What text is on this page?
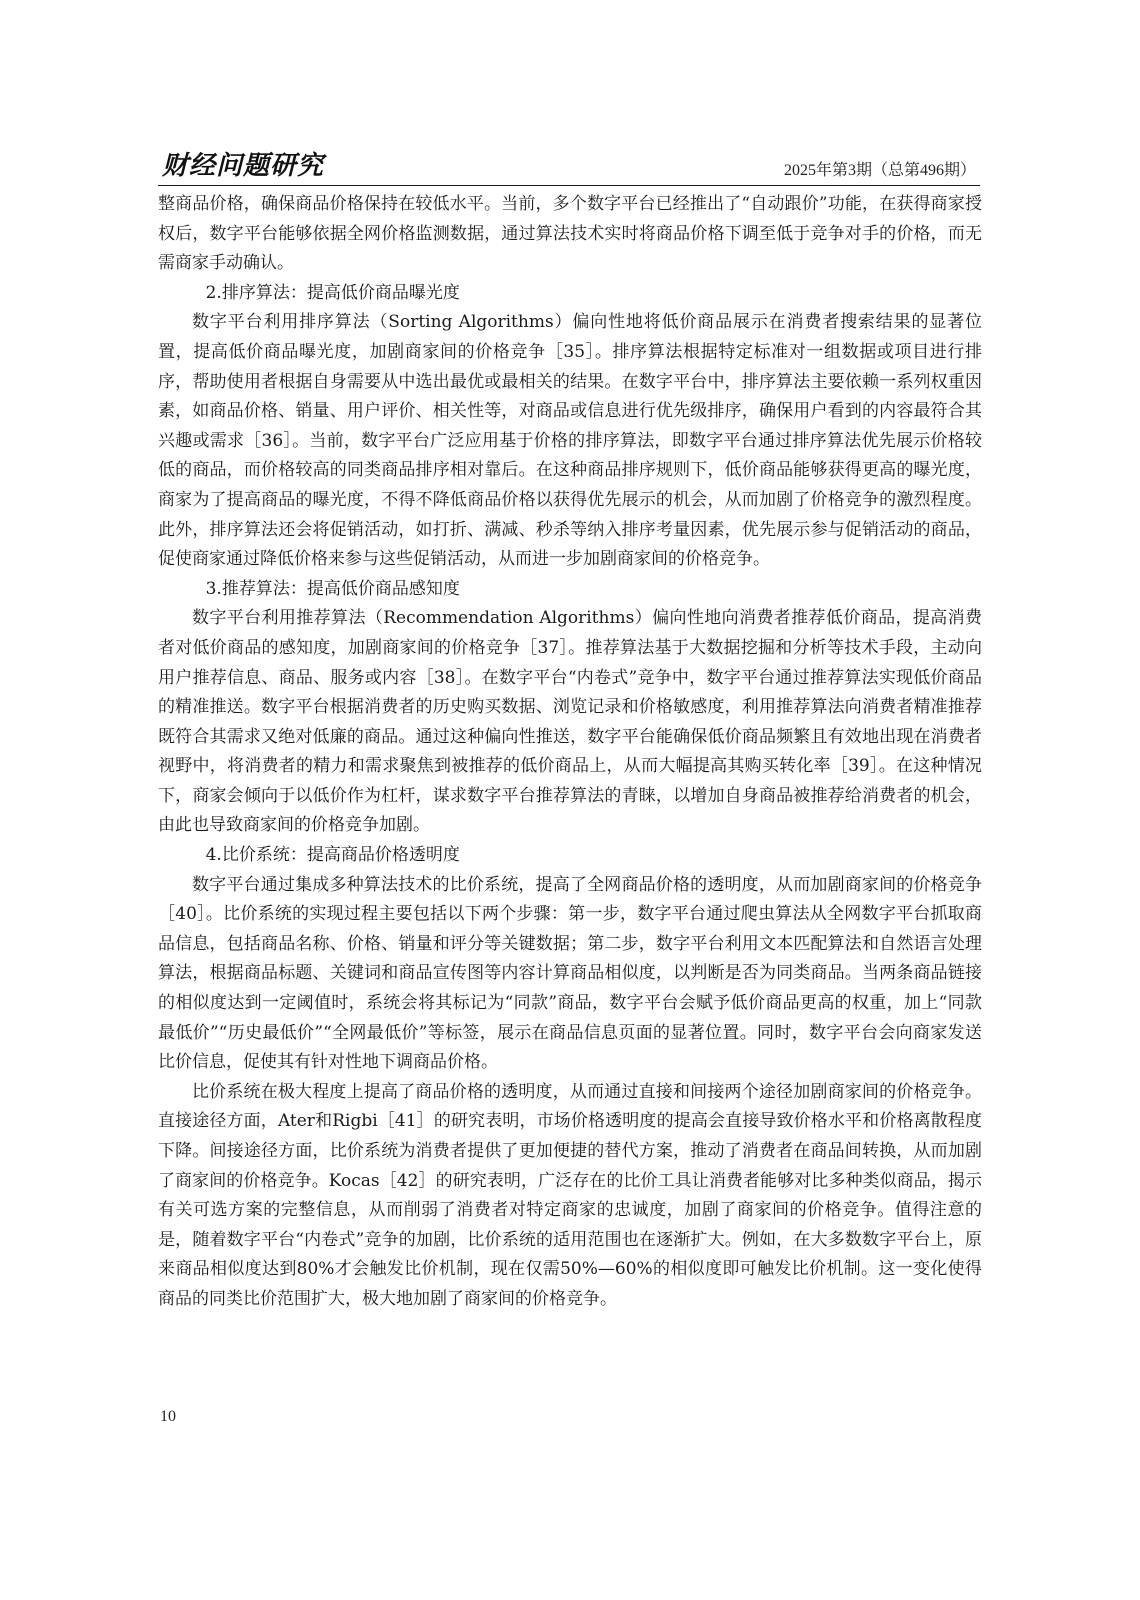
财经问题研究	2025年第3期（总第496期）

整商品价格，确保商品价格保持在较低水平。当前，多个数字平台已经推出了“自动跟价”功能，在获得商家授权后，数字平台能够依据全网价格监测数据，通过算法技术实时将商品价格下调至低于竞争对手的价格，而无需商家手动确认。

2.排序算法：提高低价商品曝光度

数字平台利用排序算法（Sorting Algorithms）偏向性地将低价商品展示在消费者搜索结果的显著位置，提高低价商品曝光度，加剧商家间的价格竞争［35］。排序算法根据特定标准对一组数据或项目进行排序，帮助使用者根据自身需要从中选出最优或最相关的结果。在数字平台中，排序算法主要依赖一系列权重因素，如商品价格、销量、用户评价、相关性等，对商品或信息进行优先级排序，确保用户看到的内容最符合其兴趣或需求［36］。当前，数字平台广泛应用基于价格的排序算法，即数字平台通过排序算法优先展示价格较低的商品，而价格较高的同类商品排序相对靠后。在这种商品排序规则下，低价商品能够获得更高的曝光度，商家为了提高商品的曝光度，不得不降低商品价格以获得优先展示的机会，从而加剧了价格竞争的激烈程度。此外，排序算法还会将促销活动，如打折、满减、秒杀等纳入排序考量因素，优先展示参与促销活动的商品，促使商家通过降低价格来参与这些促销活动，从而进一步加剧商家间的价格竞争。

3.推荐算法：提高低价商品感知度

数字平台利用推荐算法（Recommendation Algorithms）偏向性地向消费者推荐低价商品，提高消费者对低价商品的感知度，加剧商家间的价格竞争［37］。推荐算法基于大数据挖掘和分析等技术手段，主动向用户推荐信息、商品、服务或内容［38］。在数字平台“内卷式”竞争中，数字平台通过推荐算法实现低价商品的精准推送。数字平台根据消费者的历史购买数据、浏览记录和价格敏感度，利用推荐算法向消费者精准推荐既符合其需求又绝对低廉的商品。通过这种偏向性推送，数字平台能确保低价商品频繁且有效地出现在消费者视野中，将消费者的精力和需求聚焦到被推荐的低价商品上，从而大幅提高其购买转化率［39］。在这种情况下，商家会倾向于以低价作为杠杆，谋求数字平台推荐算法的青睐，以增加自身商品被推荐给消费者的机会，由此也导致商家间的价格竞争加剧。

4.比价系统：提高商品价格透明度

数字平台通过集成多种算法技术的比价系统，提高了全网商品价格的透明度，从而加剧商家间的价格竞争［40］。比价系统的实现过程主要包括以下两个步骤：第一步，数字平台通过爬虫算法从全网数字平台抓取商品信息，包括商品名称、价格、销量和评分等关键数据；第二步，数字平台利用文本匹配算法和自然语言处理算法，根据商品标题、关键词和商品宣传图等内容计算商品相似度，以判断是否为同类商品。当两条商品链接的相似度达到一定阈值时，系统会将其标记为“同款”商品，数字平台会赋予低价商品更高的权重，加上“同款最低价”“历史最低价”“全网最低价”等标签，展示在商品信息页面的显著位置。同时，数字平台会向商家发送比价信息，促使其有针对性地下调商品价格。

比价系统在极大程度上提高了商品价格的透明度，从而通过直接和间接两个途径加剧商家间的价格竞争。直接途径方面，Ater和Rigbi［41］的研究表明，市场价格透明度的提高会直接导致价格水平和价格离散程度下降。间接途径方面，比价系统为消费者提供了更加便捷的替代方案，推动了消费者在商品间转换，从而加剧了商家间的价格竞争。Kocas［42］的研究表明，广泛存在的比价工具让消费者能够对比多种类似商品，揭示有关可选方案的完整信息，从而削弱了消费者对特定商家的忠诚度，加剧了商家间的价格竞争。值得注意的是，随着数字平台“内卷式”竞争的加剧，比价系统的适用范围也在逐渐扩大。例如，在大多数数字平台上，原来商品相似度达到80%才会触发比价机制，现在仅需50%—60%的相似度即可触发比价机制。这一变化使得商品的同类比价范围扩大，极大地加剧了商家间的价格竞争。

10
